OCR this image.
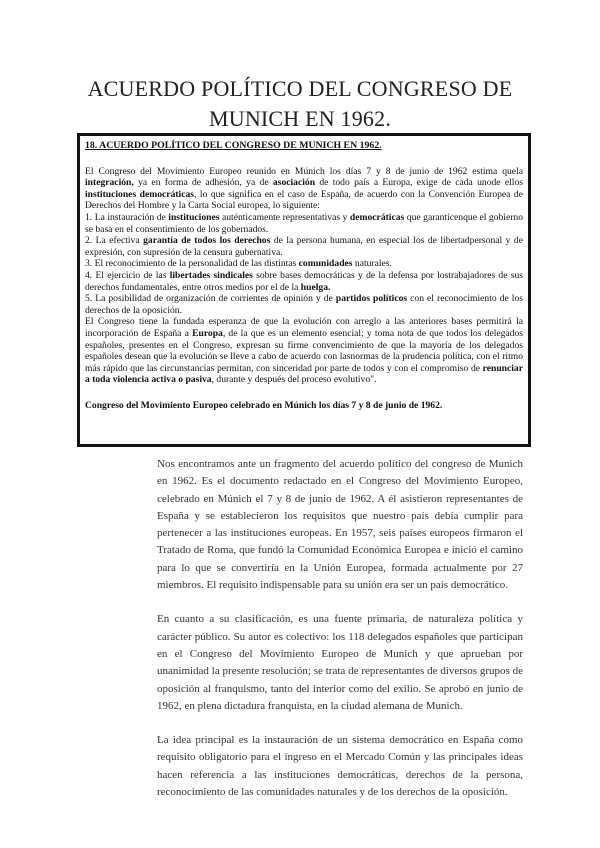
ACUERDO POLÍTICO DEL CONGRESO DE MUNICH EN 1962.
18. ACUERDO POLÍTICO DEL CONGRESO DE MUNICH EN 1962.

El Congreso del Movimiento Europeo reunido en Múnich los días 7 y 8 de junio de 1962 estima quela integración, ya en forma de adhesión, ya de asociación de todo país a Europa, exige de cada unode ellos instituciones democráticas, lo que significa en el caso de España, de acuerdo con la Convención Europea de Derechos del Hombre y la Carta Social europea, lo siguiente:

1. La instauración de instituciones auténticamente representativas y democráticas que garanticenque el gobierno se basa en el consentimiento de los gobernados.

2. La efectiva garantía de todos los derechos de la persona humana, en especial los de libertadpersonal y de expresión, con supresión de la censura gubernativa.

3. El reconocimiento de la personalidad de las distintas comunidades naturales.

4. El ejercicio de las libertades sindicales sobre bases democráticas y de la defensa por lostrabajadores de sus derechos fundamentales, entre otros medios por el de la huelga.

5. La posibilidad de organización de corrientes de opinión y de partidos políticos con el reconocimiento de los derechos de la oposición.

El Congreso tiene la fundada esperanza de que la evolución con arreglo a las anteriores bases permitirá la incorporación de España a Europa, de la que es un elemento esencial; y toma nota de que todos los delegados españoles, presentes en el Congreso, expresan su firme convencimiento de que la mayoría de los delegados españoles desean que la evolución se lleve a cabo de acuerdo con lasnormas de la prudencia política, con el ritmo más rápido que las circunstancias permitan, con sinceridad por parte de todos y con el compromiso de renunciar a toda violencia activa o pasiva, durante y después del proceso evolutivo".

Congreso del Movimiento Europeo celebrado en Múnich los días 7 y 8 de junio de 1962.

Nos encontramos ante un fragmento del acuerdo político del congreso de Munich en 1962. Es el documento redactado en el Congreso del Movimiento Europeo, celebrado en Múnich el 7 y 8 de junio de 1962. A él asistieron representantes de España y se establecieron los requisitos que nuestro país debía cumplir para pertenecer a las instituciones europeas. En 1957, seis países europeos firmaron el Tratado de Roma, que fundó la Comunidad Económica Europea e inició el camino para lo que se convertiría en la Unión Europea, formada actualmente por 27 miembros. El requisito indispensable para su unión era ser un país democrático.

En cuanto a su clasificación, es una fuente primaria, de naturaleza política y carácter público. Su autor es colectivo: los 118 delegados españoles que participan en el Congreso del Movimiento Europeo de Munich y que aprueban por unanimidad la presente resolución; se trata de representantes de diversos grupos de oposición al franquismo, tanto del interior como del exilio. Se aprobó en junio de 1962, en plena dictadura franquista, en la ciudad alemana de Munich.

La idea principal es la instauración de un sistema democrático en España como requisito obligatorio para el ingreso en el Mercado Común y las principales ideas hacen referencia a las instituciones democráticas, derechos de la persona, reconocimiento de las comunidades naturales y de los derechos de la oposición.
